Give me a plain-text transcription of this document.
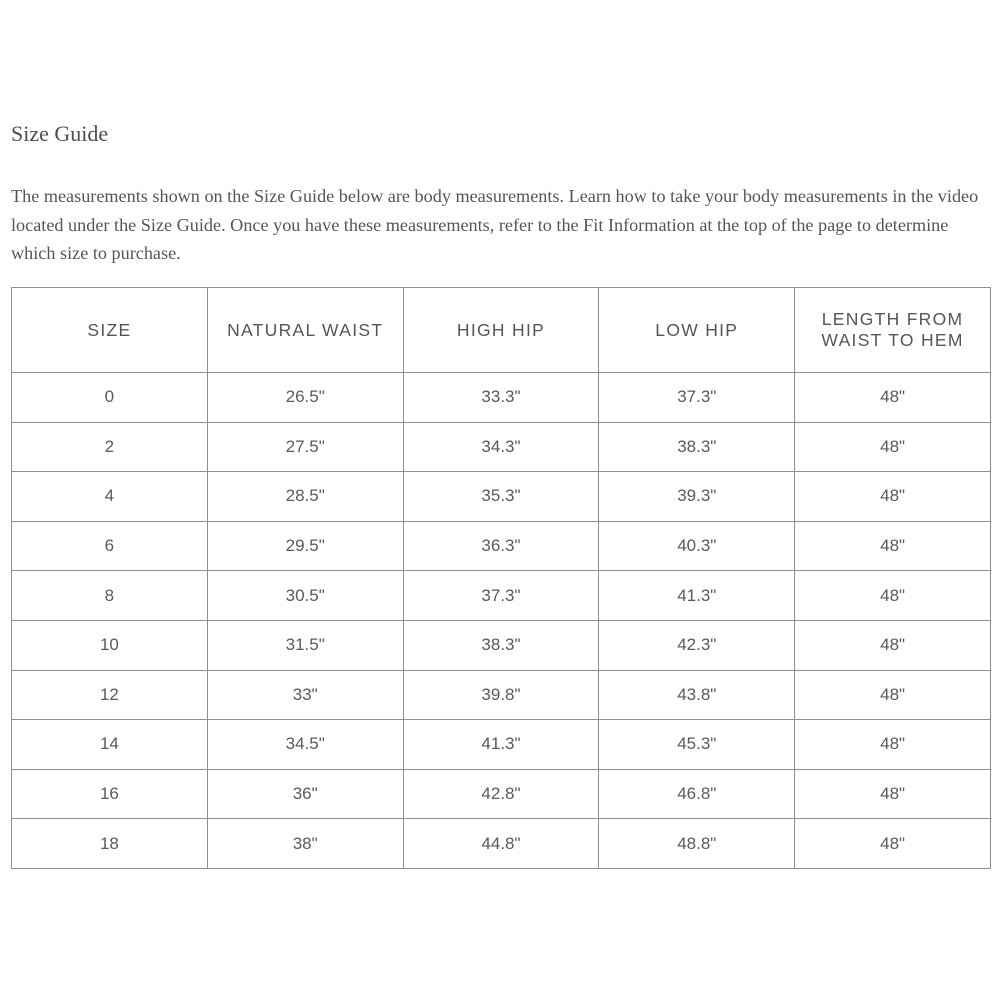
Size Guide

The measurements shown on the Size Guide below are body measurements. Learn how to take your body measurements in the video located under the Size Guide. Once you have these measurements, refer to the Fit Information at the top of the page to determine which size to purchase.

SIZE	NATURAL WAIST	HIGH HIP	LOW HIP	LENGTH FROM WAIST TO HEM
0	26.5"	33.3"	37.3"	48"
2	27.5"	34.3"	38.3"	48"
4	28.5"	35.3"	39.3"	48"
6	29.5"	36.3"	40.3"	48"
8	30.5"	37.3"	41.3"	48"
10	31.5"	38.3"	42.3"	48"
12	33"	39.8"	43.8"	48"
14	34.5"	41.3"	45.3"	48"
16	36"	42.8"	46.8"	48"
18	38"	44.8"	48.8"	48"
